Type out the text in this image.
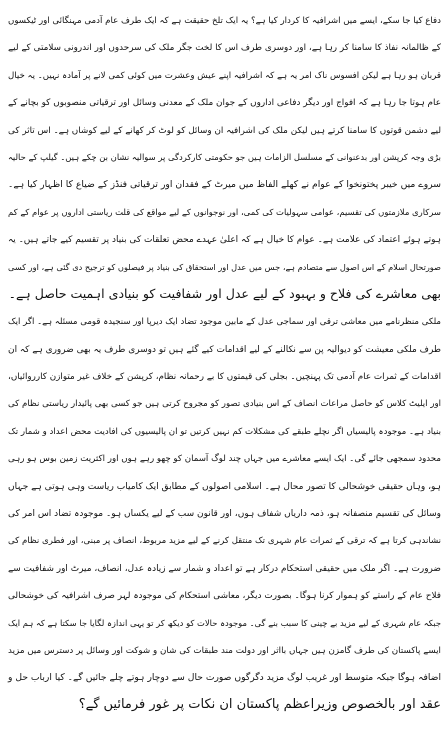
دفاع کیا جا سکے، ایسے میں اشرافیہ کا کردار کیا ہے؟ یہ ایک تلخ حقیقت ہے کہ ایک طرف عام آدمی مہنگائی اور ٹیکسوں
کے ظالمانہ نفاذ کا سامنا کر رہا ہے، اور دوسری طرف اس کا لخت جگر ملک کی سرحدوں اور اندرونی سلامتی کے لیے
قربان ہو رہا ہے لیکن افسوس ناک امر یہ ہے کہ اشرافیہ اپنے عیش وعشرت میں کوئی کمی لانے پر آمادہ نہیں۔ یہ خیال
عام ہوتا جا رہا ہے کہ افواج اور دیگر دفاعی اداروں کے جوان ملک کے معدنی وسائل اور ترقیاتی منصوبوں کو بچانے کے
لیے دشمن قوتوں کا سامنا کرتے ہیں لیکن ملک کی اشرافیہ ان وسائل کو لوٹ کر کھانے کے لیے کوشاں ہے۔ اس تاثر کی
بڑی وجہ کرپشن اور بدعنوانی کے مسلسل الزامات ہیں جو حکومتی کارکردگی پر سوالیہ نشان بن چکے ہیں۔ گیلپ کے حالیہ
سروے میں خیبر پختونخوا کے عوام نے کھلے الفاظ میں میرٹ کے فقدان اور ترقیاتی فنڈز کے ضیاع کا اظہار کیا ہے۔
سرکاری ملازمتوں کی تقسیم، عوامی سہولیات کی کمی، اور نوجوانوں کے لیے مواقع کی قلت ریاستی اداروں پر عوام کے کم
ہوتے ہوئے اعتماد کی علامت ہے۔ عوام کا خیال ہے کہ اعلیٰ عہدے محض تعلقات کی بنیاد پر تقسیم کیے جاتے ہیں۔ یہ
صورتحال اسلام کے اس اصول سے متصادم ہے، جس میں عدل اور استحقاق کی بنیاد پر فیصلوں کو ترجیح دی گئی ہے، اور کسی
بھی معاشرے کی فلاح و بہبود کے لیے عدل اور شفافیت کو بنیادی اہمیت حاصل ہے۔
ملکی منظرنامے میں معاشی ترقی اور سماجی عدل کے مابین موجود تضاد ایک دیرپا اور سنجیدہ قومی مسئلہ ہے۔ اگر ایک
طرف ملکی معیشت کو دیوالیہ پن سے نکالنے کے لیے اقدامات کیے گئے ہیں تو دوسری طرف یہ بھی ضروری ہے کہ ان
اقدامات کے ثمرات عام آدمی تک پہنچیں۔ بجلی کی قیمتوں کا بے رحمانہ نظام، کرپشن کے خلاف غیر متوازن کارروائیاں،
اور ایلیٹ کلاس کو حاصل مراعات انصاف کے اس بنیادی تصور کو مجروح کرتی ہیں جو کسی بھی پائیدار ریاستی نظام کی
بنیاد ہے۔ موجودہ پالیسیاں اگر نچلے طبقے کی مشکلات کم نہیں کرتیں تو ان پالیسیوں کی افادیت محض اعداد و شمار تک
محدود سمجھی جائے گی۔ ایک ایسے معاشرے میں جہاں چند لوگ آسمان کو چھو رہے ہوں اور اکثریت زمین بوس ہو رہی
ہو، وہاں حقیقی خوشحالی کا تصور محال ہے۔ اسلامی اصولوں کے مطابق ایک کامیاب ریاست وہی ہوتی ہے جہاں
وسائل کی تقسیم منصفانہ ہو، ذمہ داریاں شفاف ہوں، اور قانون سب کے لیے یکساں ہو۔ موجودہ تضاد اس امر کی
نشاندہی کرتا ہے کہ ترقی کے ثمرات عام شہری تک منتقل کرنے کے لیے مزید مربوط، انصاف پر مبنی، اور فطری نظام کی
ضرورت ہے۔ اگر ملک میں حقیقی استحکام درکار ہے تو اعداد و شمار سے زیادہ عدل، انصاف، میرٹ اور شفافیت سے
فلاح عام کے راستے کو ہموار کرنا ہوگا۔ بصورت دیگر، معاشی استحکام کی موجودہ لہر صرف اشرافیہ کی خوشحالی
جبکہ عام شہری کے لیے مزید بے چینی کا سبب بنے گی۔ موجودہ حالات کو دیکھ کر تو یہی اندازہ لگایا جا سکتا ہے کہ ہم ایک
ایسے پاکستان کی طرف گامزن ہیں جہاں بااثر اور دولت مند طبقات کی شان و شوکت اور وسائل پر دسترس میں مزید
اضافہ ہوگا جبکہ متوسط اور غریب لوگ مزید دگرگوں صورت حال سے دوچار ہوتے چلے جائیں گے۔ کیا ارباب حل و
عقد اور بالخصوص وزیراعظم پاکستان ان نکات پر غور فرمائیں گے؟
